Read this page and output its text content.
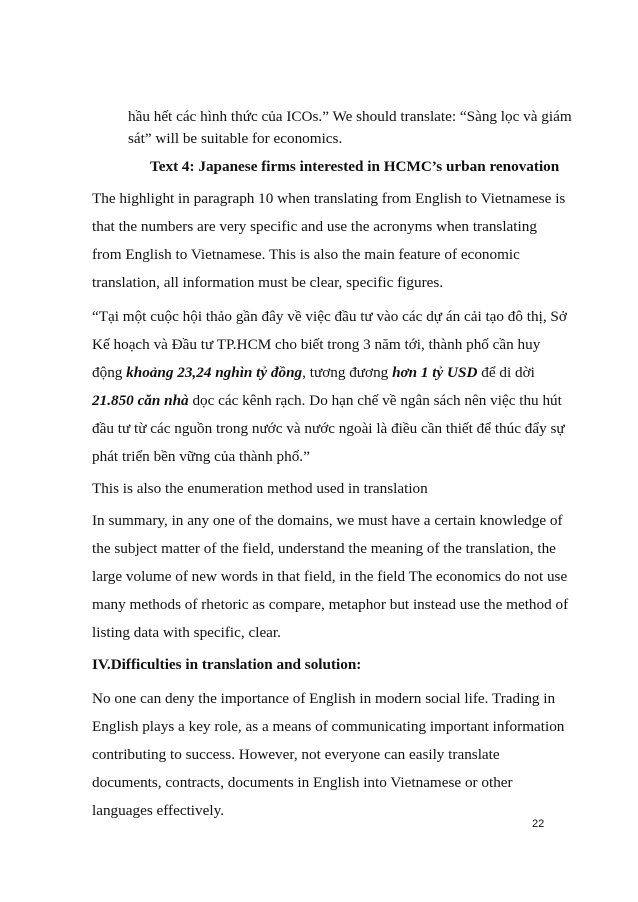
hầu hết các hình thức của ICOs.” We should translate: “Sàng lọc và giám
sát” will be suitable for economics.
Text 4: Japanese firms interested in HCMC’s urban renovation
The highlight in paragraph 10 when translating from English to Vietnamese is
that the numbers are very specific and use the acronyms when translating
from English to Vietnamese. This is also the main feature of economic
translation, all information must be clear, specific figures.
“Tại một cuộc hội thảo gần đây về việc đầu tư vào các dự án cải tạo đô thị, Sở
Kế hoạch và Đầu tư TP.HCM cho biết trong 3 năm tới, thành phố cần huy
động khoảng 23,24 nghìn tỷ đồng, tương đương hơn 1 tỷ USD để di dời
21.850 căn nhà dọc các kênh rạch. Do hạn chế về ngân sách nên việc thu hút
đầu tư từ các nguồn trong nước và nước ngoài là điều cần thiết để thúc đẩy sự
phát triển bền vững của thành phố.”
This is also the enumeration method used in translation
In summary, in any one of the domains, we must have a certain knowledge of
the subject matter of the field, understand the meaning of the translation, the
large volume of new words in that field, in the field The economics do not use
many methods of rhetoric as compare, metaphor but instead use the method of
listing data with specific, clear.
IV.Difficulties in translation and solution:
No one can deny the importance of English in modern social life. Trading in
English plays a key role, as a means of communicating important information
contributing to success. However, not everyone can easily translate
documents, contracts, documents in English into Vietnamese or other
languages effectively.
22
